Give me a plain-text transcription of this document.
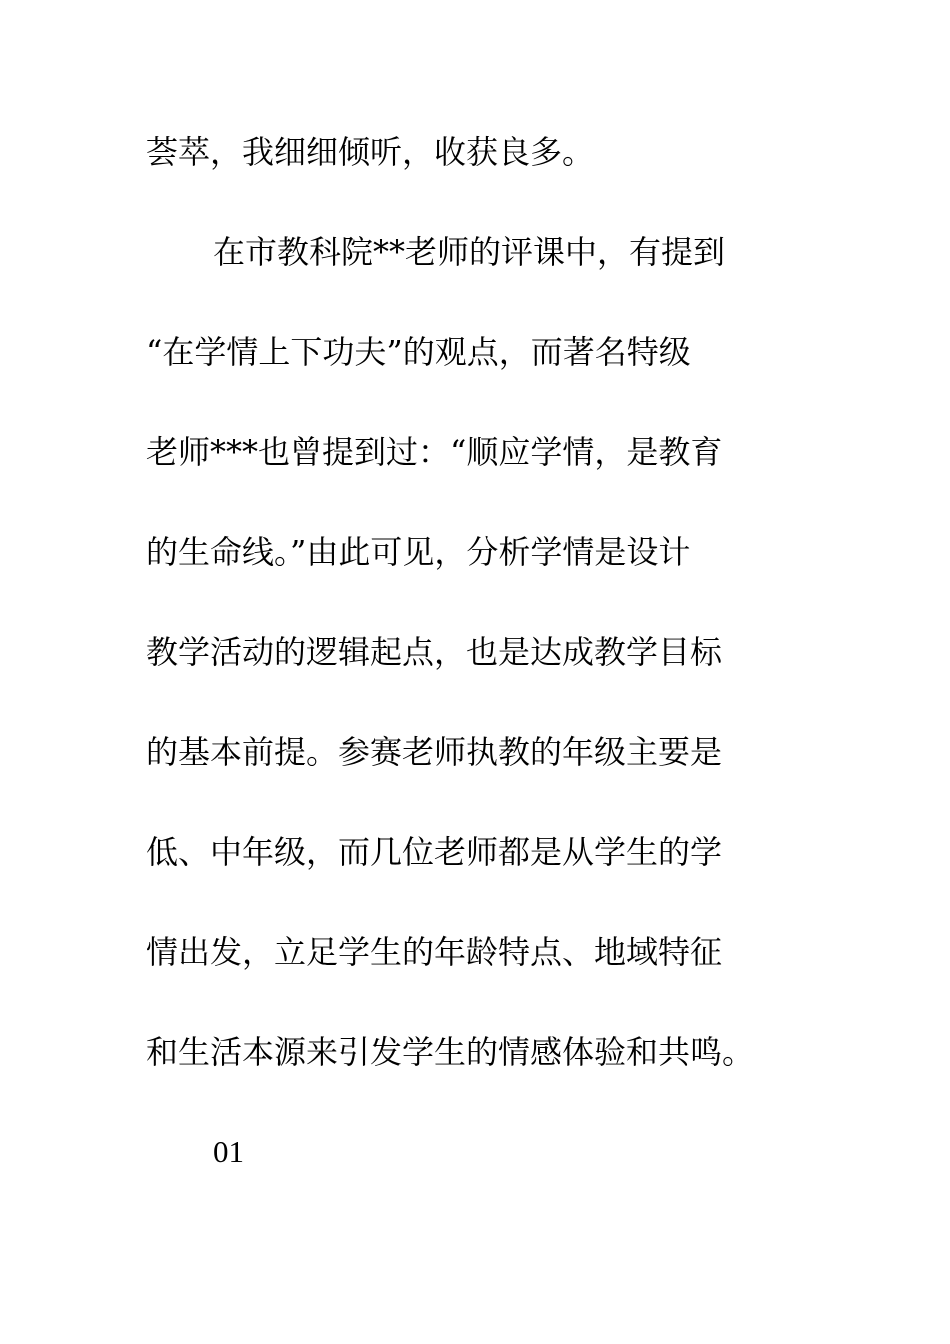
荟萃，我细细倾听，收获良多。
在市教科院**老师的评课中，有提到
“在学情上下功夫”的观点，而著名特级
老师***也曾提到过：“顺应学情，是教育
的生命线。”由此可见，分析学情是设计
教学活动的逻辑起点，也是达成教学目标
的基本前提。参赛老师执教的年级主要是
低、中年级，而几位老师都是从学生的学
情出发，立足学生的年龄特点、地域特征
和生活本源来引发学生的情感体验和共鸣。
01
